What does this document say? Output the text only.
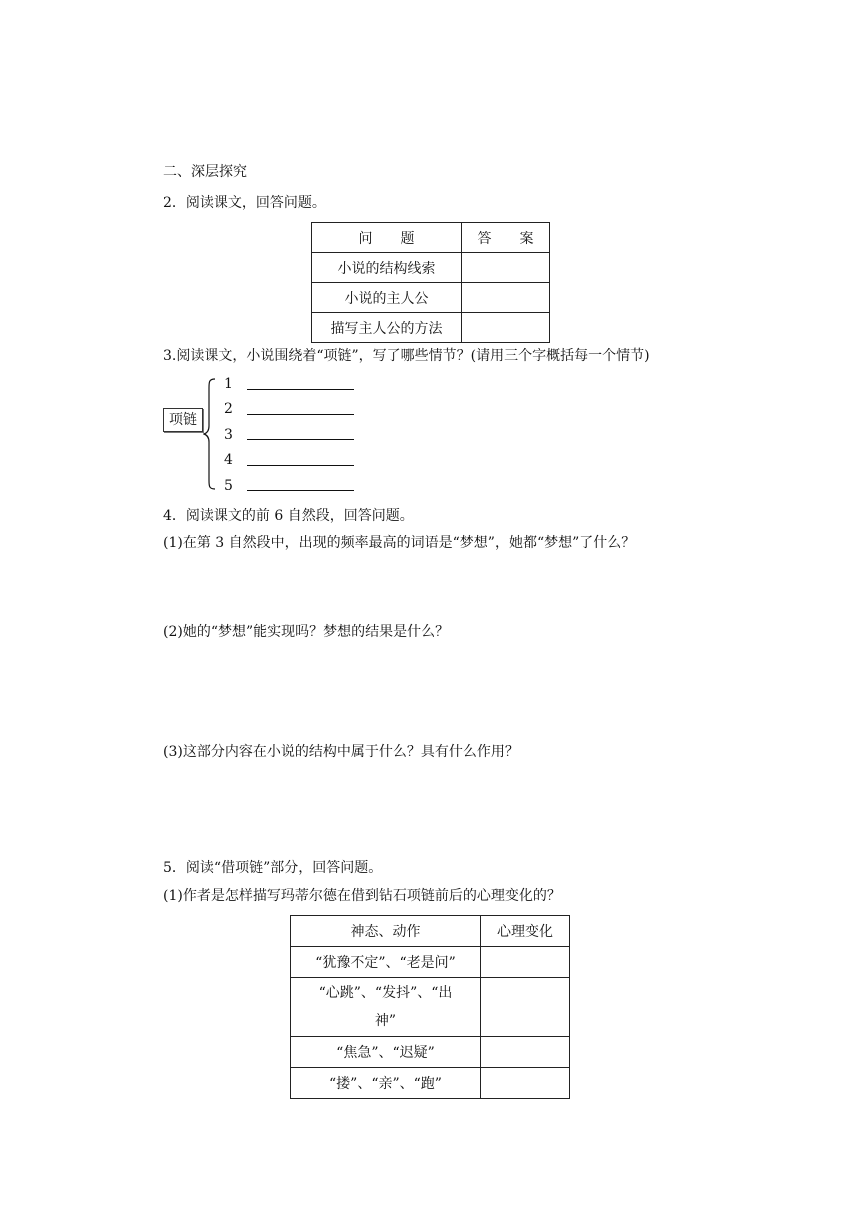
二、深层探究
2．阅读课文，回答问题。
问　　题	答　　案
小说的结构线索	
小说的主人公	
描写主人公的方法	
3.阅读课文，小说围绕着“项链”，写了哪些情节？(请用三个字概括每一个情节)
项链
1
2
3
4
5
4．阅读课文的前 6 自然段，回答问题。
(1)在第 3 自然段中，出现的频率最高的词语是“梦想”，她都“梦想”了什么？
(2)她的“梦想”能实现吗？梦想的结果是什么？
(3)这部分内容在小说的结构中属于什么？具有什么作用？
5．阅读“借项链”部分，回答问题。
(1)作者是怎样描写玛蒂尔德在借到钻石项链前后的心理变化的？
神态、动作	心理变化
“犹豫不定”、“老是问”	
“心跳”、“发抖”、“出
神”	
“焦急”、“迟疑”	
“搂”、“亲”、“跑”	
